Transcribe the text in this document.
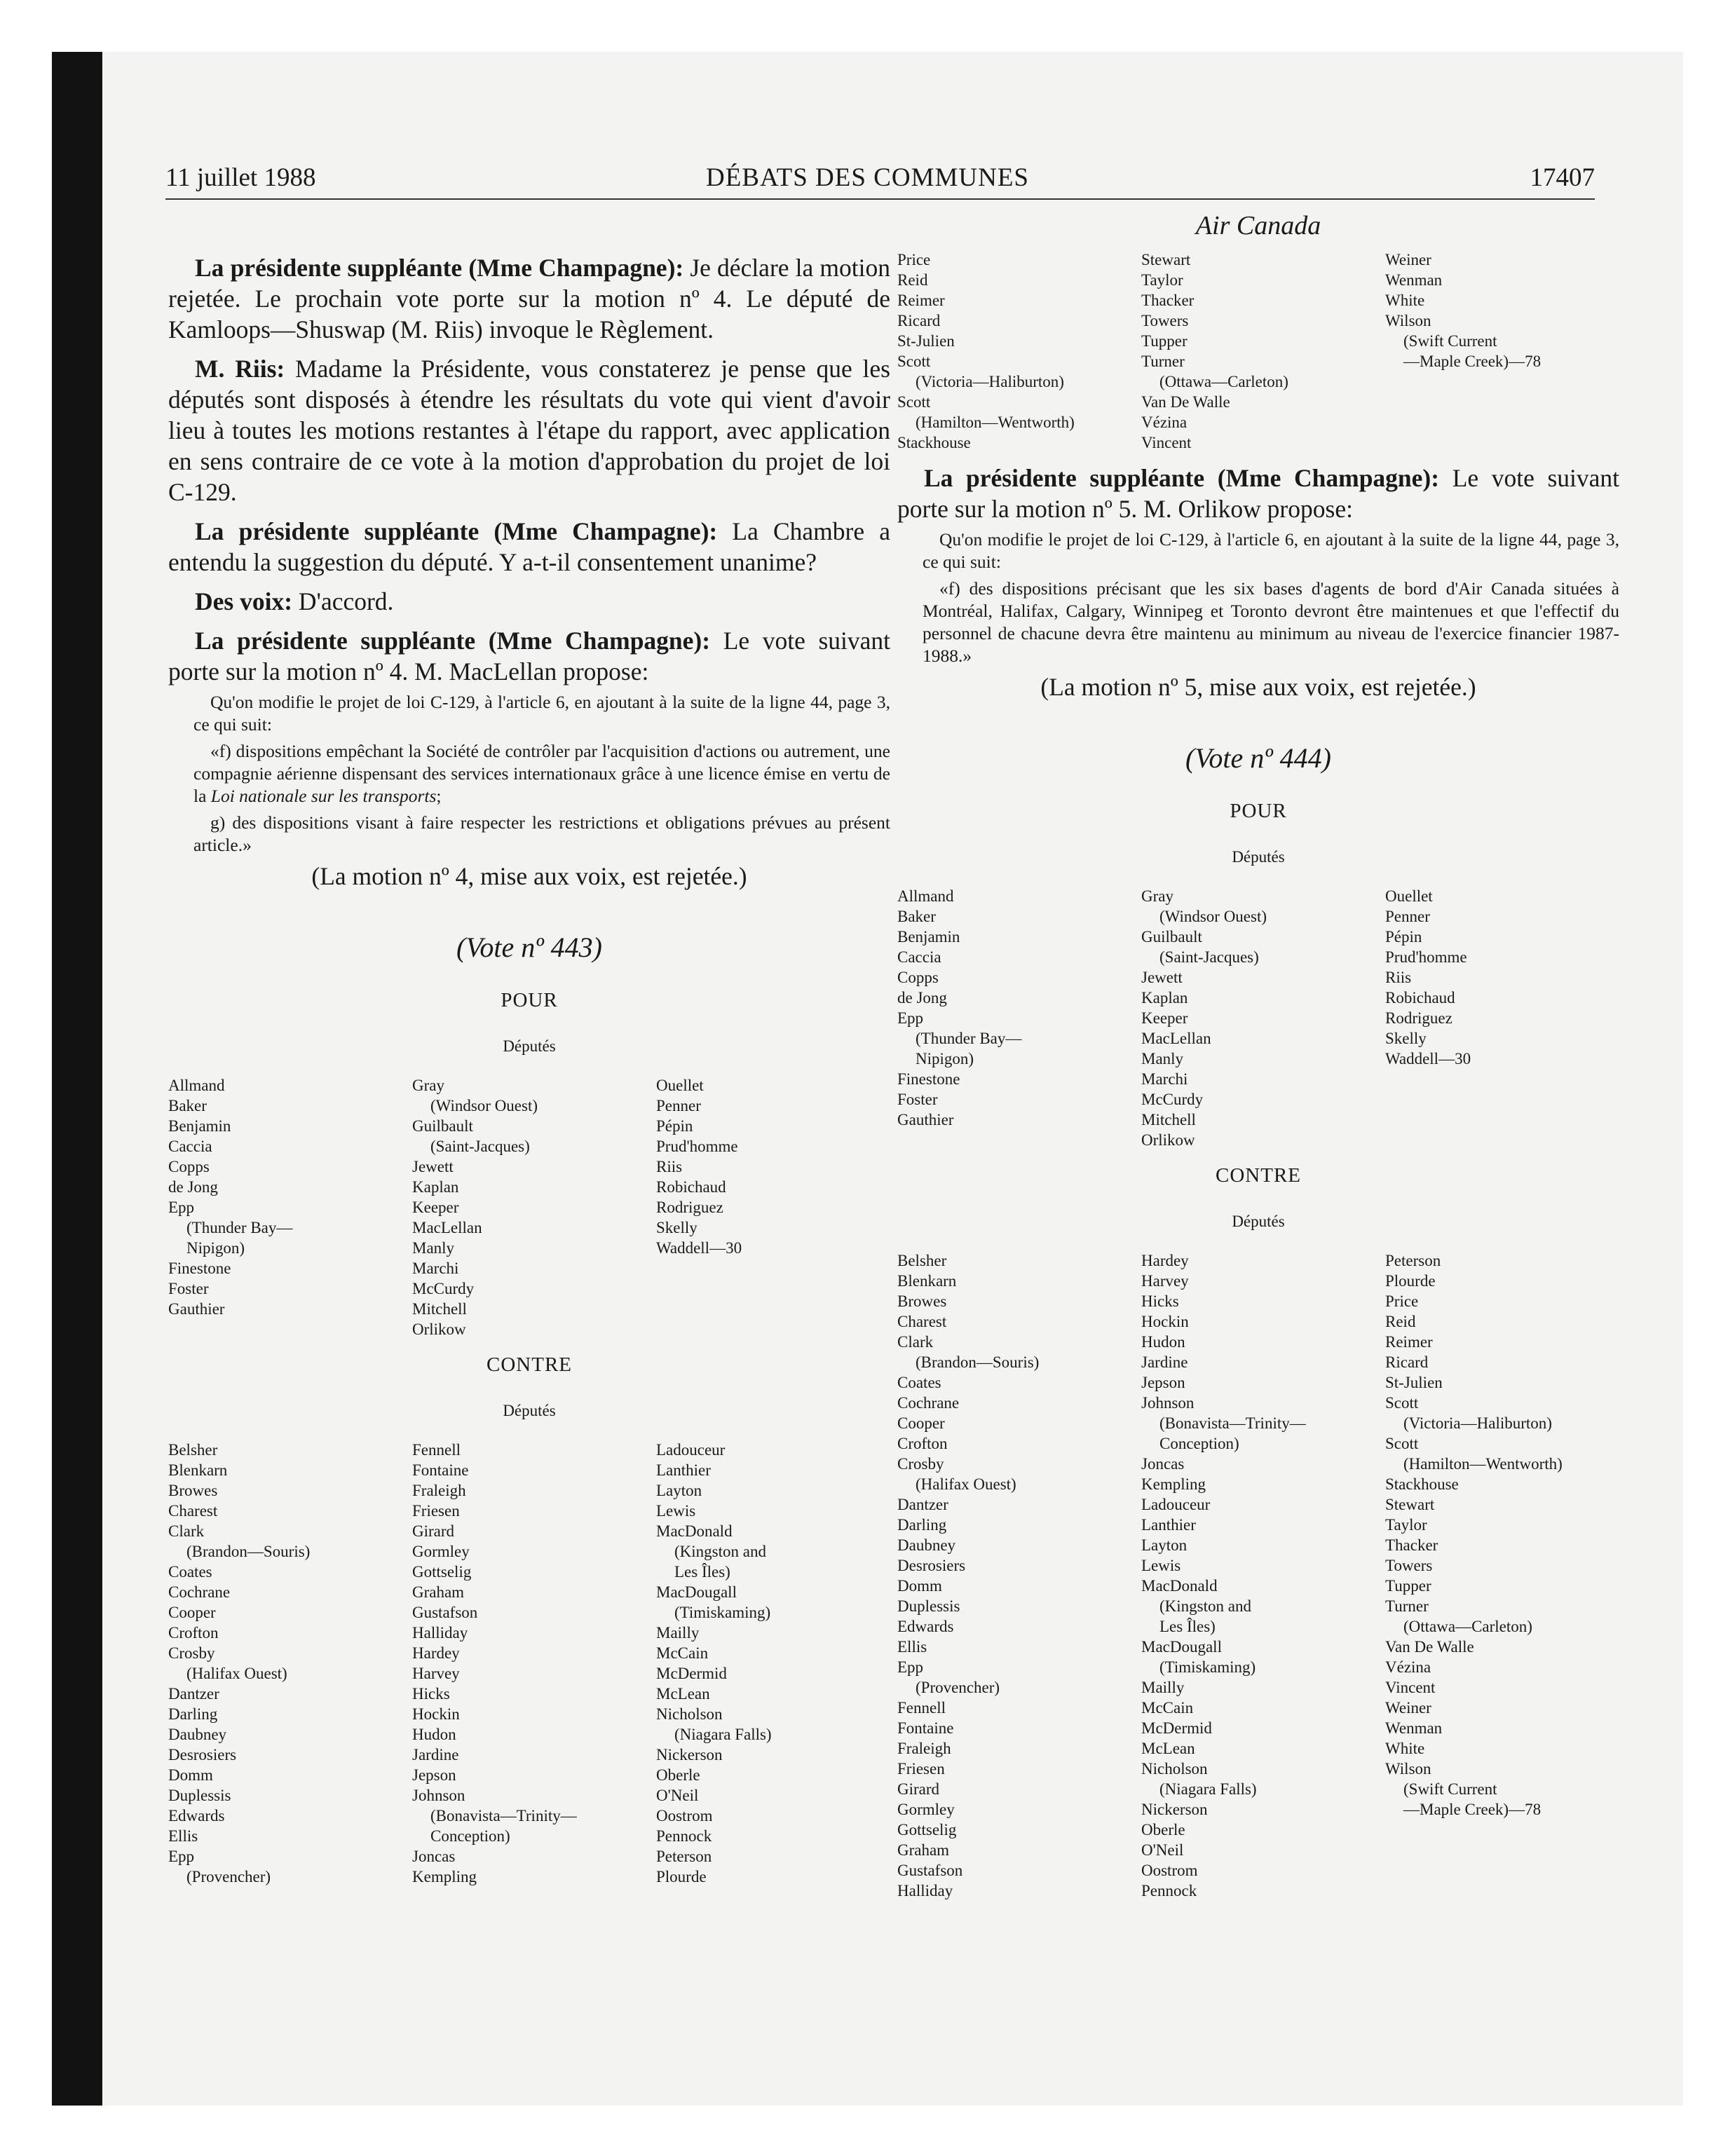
11 juillet 1988	DÉBATS DES COMMUNES	17407

La présidente suppléante (Mme Champagne): Je déclare la motion rejetée. Le prochain vote porte sur la motion nº 4. Le député de Kamloops—Shuswap (M. Riis) invoque le Règlement.

M. Riis: Madame la Présidente, vous constaterez je pense que les députés sont disposés à étendre les résultats du vote qui vient d'avoir lieu à toutes les motions restantes à l'étape du rapport, avec application en sens contraire de ce vote à la motion d'approbation du projet de loi C-129.

La présidente suppléante (Mme Champagne): La Chambre a entendu la suggestion du député. Y a-t-il consentement unanime?

Des voix: D'accord.

La présidente suppléante (Mme Champagne): Le vote suivant porte sur la motion nº 4. M. MacLellan propose:

Qu'on modifie le projet de loi C-129, à l'article 6, en ajoutant à la suite de la ligne 44, page 3, ce qui suit:

«f) dispositions empêchant la Société de contrôler par l'acquisition d'actions ou autrement, une compagnie aérienne dispensant des services internationaux grâce à une licence émise en vertu de la Loi nationale sur les transports;

g) des dispositions visant à faire respecter les restrictions et obligations prévues au présent article.»

(La motion nº 4, mise aux voix, est rejetée.)

(Vote nº 443)
POUR
Députés
Allmand
Baker
Benjamin
Caccia
Copps
de Jong
Epp
(Thunder Bay—
Nipigon)
Finestone
Foster
Gauthier
Gray
(Windsor Ouest)
Guilbault
(Saint-Jacques)
Jewett
Kaplan
Keeper
MacLellan
Manly
Marchi
McCurdy
Mitchell
Orlikow
Ouellet
Penner
Pépin
Prud'homme
Riis
Robichaud
Rodriguez
Skelly
Waddell—30
CONTRE
Députés
Belsher
Blenkarn
Browes
Charest
Clark
(Brandon—Souris)
Coates
Cochrane
Cooper
Crofton
Crosby
(Halifax Ouest)
Dantzer
Darling
Daubney
Desrosiers
Domm
Duplessis
Edwards
Ellis
Epp
(Provencher)
Fennell
Fontaine
Fraleigh
Friesen
Girard
Gormley
Gottselig
Graham
Gustafson
Halliday
Hardey
Harvey
Hicks
Hockin
Hudon
Jardine
Jepson
Johnson
(Bonavista—Trinity—
Conception)
Joncas
Kempling
Ladouceur
Lanthier
Layton
Lewis
MacDonald
(Kingston and
Les Îles)
MacDougall
(Timiskaming)
Mailly
McCain
McDermid
McLean
Nicholson
(Niagara Falls)
Nickerson
Oberle
O'Neil
Oostrom
Pennock
Peterson
Plourde
Air Canada
Price
Reid
Reimer
Ricard
St-Julien
Scott
(Victoria—Haliburton)
Scott
(Hamilton—Wentworth)
Stackhouse
Stewart
Taylor
Thacker
Towers
Tupper
Turner
(Ottawa—Carleton)
Van De Walle
Vézina
Vincent
Weiner
Wenman
White
Wilson
(Swift Current
—Maple Creek)—78

La présidente suppléante (Mme Champagne): Le vote suivant porte sur la motion nº 5. M. Orlikow propose:

Qu'on modifie le projet de loi C-129, à l'article 6, en ajoutant à la suite de la ligne 44, page 3, ce qui suit:

«f) des dispositions précisant que les six bases d'agents de bord d'Air Canada situées à Montréal, Halifax, Calgary, Winnipeg et Toronto devront être maintenues et que l'effectif du personnel de chacune devra être maintenu au minimum au niveau de l'exercice financier 1987-1988.»

(La motion nº 5, mise aux voix, est rejetée.)

(Vote nº 444)
POUR
Députés
Allmand
Baker
Benjamin
Caccia
Copps
de Jong
Epp
(Thunder Bay—
Nipigon)
Finestone
Foster
Gauthier
Gray
(Windsor Ouest)
Guilbault
(Saint-Jacques)
Jewett
Kaplan
Keeper
MacLellan
Manly
Marchi
McCurdy
Mitchell
Orlikow
Ouellet
Penner
Pépin
Prud'homme
Riis
Robichaud
Rodriguez
Skelly
Waddell—30
CONTRE
Députés
Belsher
Blenkarn
Browes
Charest
Clark
(Brandon—Souris)
Coates
Cochrane
Cooper
Crofton
Crosby
(Halifax Ouest)
Dantzer
Darling
Daubney
Desrosiers
Domm
Duplessis
Edwards
Ellis
Epp
(Provencher)
Fennell
Fontaine
Fraleigh
Friesen
Girard
Gormley
Gottselig
Graham
Gustafson
Halliday
Hardey
Harvey
Hicks
Hockin
Hudon
Jardine
Jepson
Johnson
(Bonavista—Trinity—
Conception)
Joncas
Kempling
Ladouceur
Lanthier
Layton
Lewis
MacDonald
(Kingston and
Les Îles)
MacDougall
(Timiskaming)
Mailly
McCain
McDermid
McLean
Nicholson
(Niagara Falls)
Nickerson
Oberle
O'Neil
Oostrom
Pennock
Peterson
Plourde
Price
Reid
Reimer
Ricard
St-Julien
Scott
(Victoria—Haliburton)
Scott
(Hamilton—Wentworth)
Stackhouse
Stewart
Taylor
Thacker
Towers
Tupper
Turner
(Ottawa—Carleton)
Van De Walle
Vézina
Vincent
Weiner
Wenman
White
Wilson
(Swift Current
—Maple Creek)—78
